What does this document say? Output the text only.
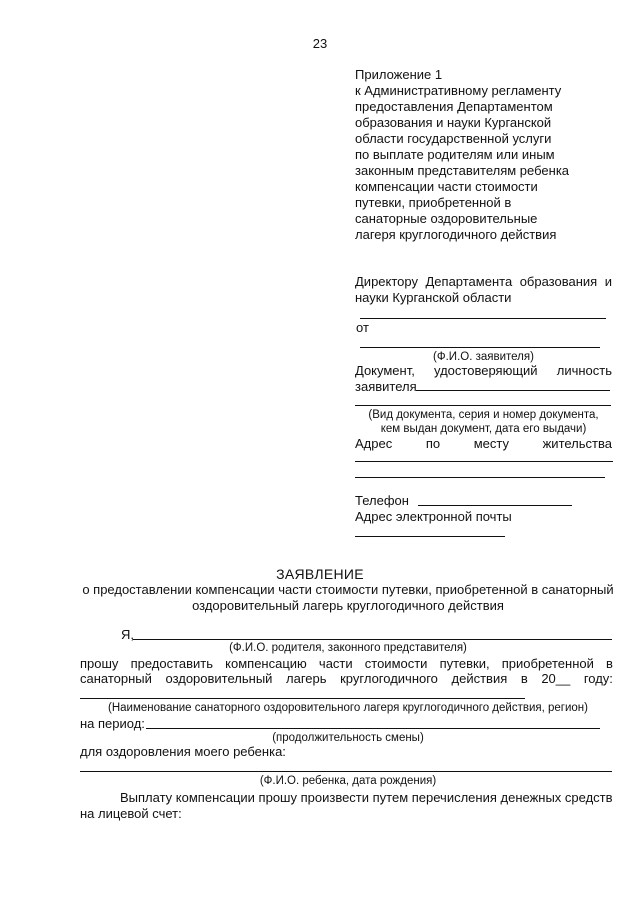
23
Приложение 1
к Административному регламенту
предоставления Департаментом
образования и науки Курганской
области государственной услуги
по выплате родителям или иным
законным представителям ребенка
компенсации части стоимости
путевки, приобретенной в
санаторные оздоровительные
лагеря круглогодичного действия
Директору Департамента образования и
науки Курганской области
от
(Ф.И.О. заявителя)
Документ, удостоверяющий личность
заявителя
(Вид документа, серия и номер документа,
кем выдан документ, дата его выдачи)
Адрес	по	месту	жительства
Телефон
Адрес электронной почты
ЗАЯВЛЕНИЕ
о предоставлении компенсации части стоимости путевки, приобретенной в санаторный
оздоровительный лагерь круглогодичного действия
Я,
(Ф.И.О. родителя, законного представителя)
прошу предоставить компенсацию части стоимости путевки, приобретенной в
санаторный оздоровительный лагерь круглогодичного действия в 20__ году:
(Наименование санаторного оздоровительного лагеря круглогодичного действия, регион)
на период:
(продолжительность смены)
для оздоровления моего ребенка:
(Ф.И.О. ребенка, дата рождения)
Выплату компенсации прошу произвести путем перечисления денежных средств
на лицевой счет:
